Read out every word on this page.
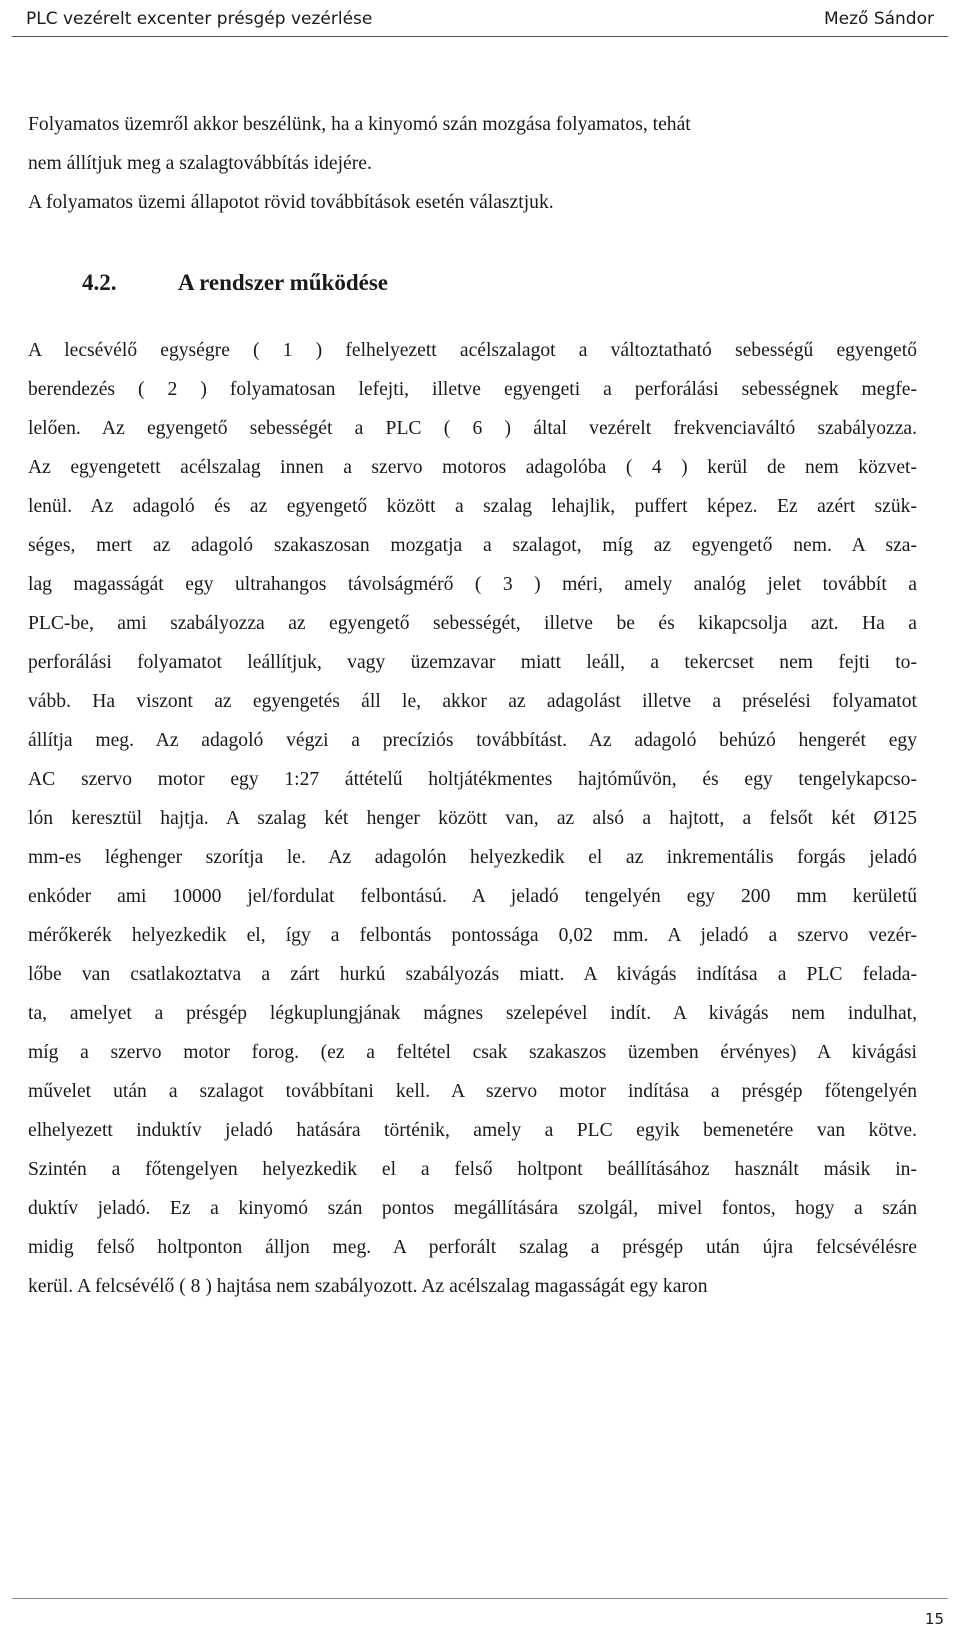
PLC vezérelt excenter présgép vezérlése	Mező Sándor
Folyamatos üzemről akkor beszélünk, ha a kinyomó szán mozgása folyamatos, tehát
nem állítjuk meg a szalagtovábbítás idejére.
A folyamatos üzemi állapotot rövid továbbítások esetén választjuk.
4.2.	A rendszer működése
A lecsévélő egységre ( 1 ) felhelyezett acélszalagot a változtatható sebességű egyengető
berendezés ( 2 ) folyamatosan lefejti, illetve egyengeti a perforálási sebességnek megfe-
lelően. Az egyengető sebességét a PLC ( 6 ) által vezérelt frekvenciaváltó szabályozza.
Az egyengetett acélszalag innen a szervo motoros adagolóba ( 4 ) kerül de nem közvet-
lenül. Az adagoló és az egyengető között a szalag lehajlik, puffert képez. Ez azért szük-
séges, mert az adagoló szakaszosan mozgatja a szalagot, míg az egyengető nem. A sza-
lag magasságát egy ultrahangos távolságmérő ( 3 ) méri, amely analóg jelet továbbít a
PLC-be, ami szabályozza az egyengető sebességét, illetve be és kikapcsolja azt. Ha a
perforálási folyamatot leállítjuk, vagy üzemzavar miatt leáll, a tekercset nem fejti to-
vább. Ha viszont az egyengetés áll le, akkor az adagolást illetve a préselési folyamatot
állítja meg. Az adagoló végzi a precíziós továbbítást. Az adagoló behúzó hengerét egy
AC szervo motor egy 1:27 áttételű holtjátékmentes hajtóművön, és egy tengelykapcso-
lón keresztül hajtja. A szalag két henger között van, az alsó a hajtott, a felsőt két Ø125
mm-es léghenger szorítja le. Az adagolón helyezkedik el az inkrementális forgás jeladó
enkóder ami 10000 jel/fordulat felbontású. A jeladó tengelyén egy 200 mm kerületű
mérőkerék helyezkedik el, így a felbontás pontossága 0,02 mm. A jeladó a szervo vezér-
lőbe van csatlakoztatva a zárt hurkú szabályozás miatt. A kivágás indítása a PLC felada-
ta, amelyet a présgép légkuplungjának mágnes szelepével indít. A kivágás nem indulhat,
míg a szervo motor forog. (ez a feltétel csak szakaszos üzemben érvényes) A kivágási
művelet után a szalagot továbbítani kell. A szervo motor indítása a présgép főtengelyén
elhelyezett induktív jeladó hatására történik, amely a PLC egyik bemenetére van kötve.
Szintén a főtengelyen helyezkedik el a felső holtpont beállításához használt másik in-
duktív jeladó. Ez a kinyomó szán pontos megállítására szolgál, mivel fontos, hogy a szán
midig felső holtponton álljon meg. A perforált szalag a présgép után újra felcsévélésre
kerül. A felcsévélő ( 8 ) hajtása nem szabályozott. Az acélszalag magasságát egy karon
15
